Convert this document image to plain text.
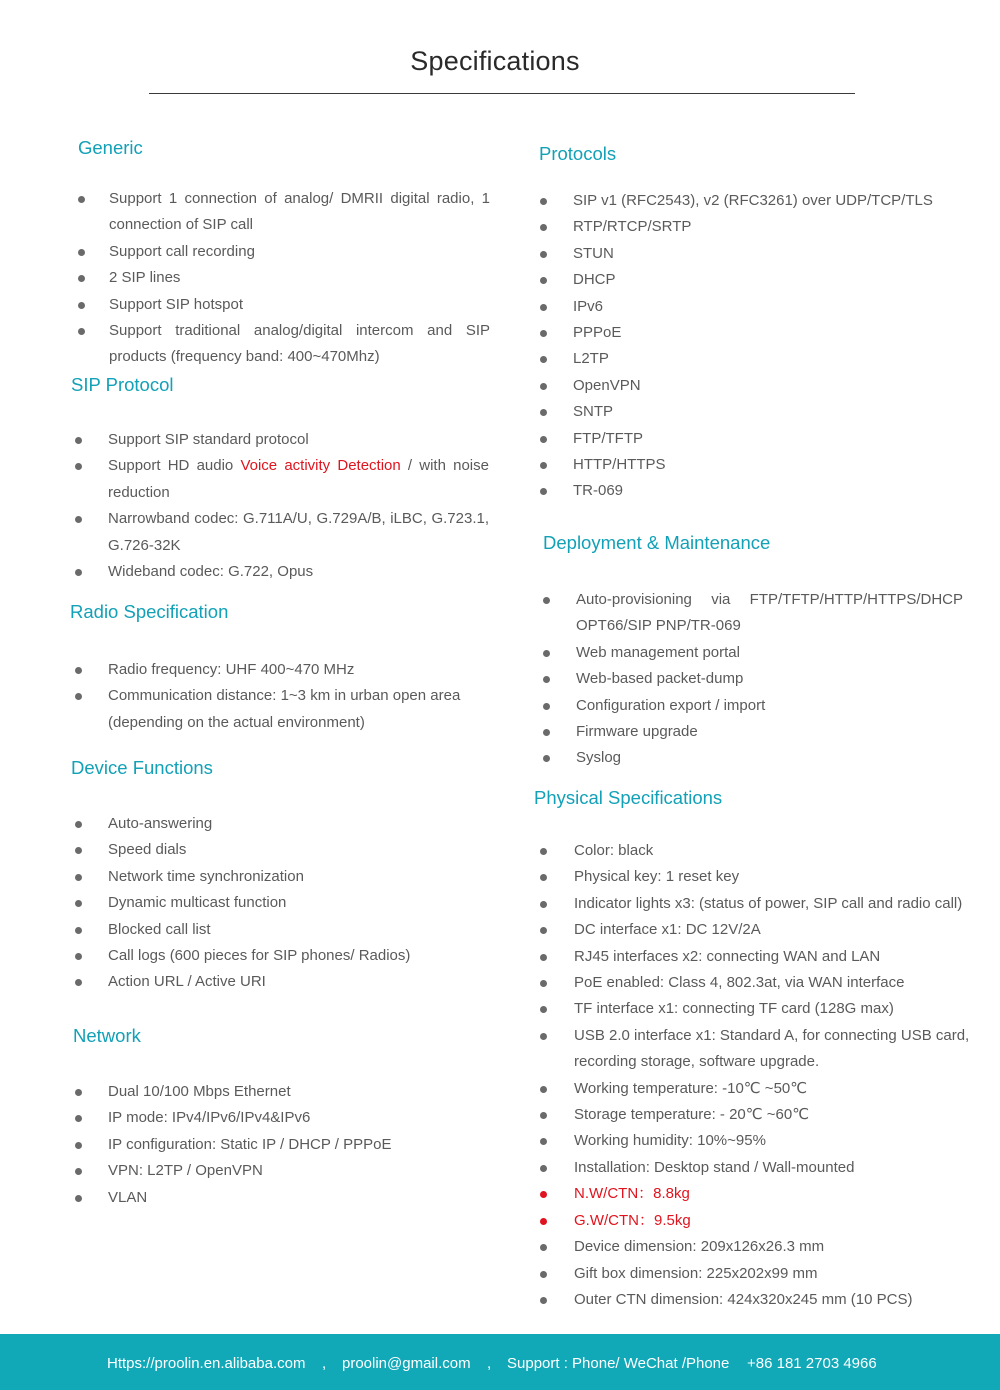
Specifications
Generic
Support 1 connection of analog/ DMRII digital radio, 1 connection of SIP call
Support call recording
2 SIP lines
Support SIP hotspot
Support traditional analog/digital intercom and SIP products (frequency band: 400~470Mhz)
SIP Protocol
Support SIP standard protocol
Support HD audio Voice activity Detection / with noise reduction
Narrowband codec: G.711A/U, G.729A/B, iLBC, G.723.1, G.726-32K
Wideband codec: G.722, Opus
Radio Specification
Radio frequency: UHF 400~470 MHz
Communication distance: 1~3 km in urban open area (depending on the actual environment)
Device Functions
Auto-answering
Speed dials
Network time synchronization
Dynamic multicast function
Blocked call list
Call logs (600 pieces for SIP phones/ Radios)
Action URL / Active URI
Network
Dual 10/100 Mbps Ethernet
IP mode: IPv4/IPv6/IPv4&IPv6
IP configuration: Static IP / DHCP / PPPoE
VPN: L2TP / OpenVPN
VLAN
Protocols
SIP v1 (RFC2543), v2 (RFC3261) over UDP/TCP/TLS
RTP/RTCP/SRTP
STUN
DHCP
IPv6
PPPoE
L2TP
OpenVPN
SNTP
FTP/TFTP
HTTP/HTTPS
TR-069
Deployment & Maintenance
Auto-provisioning via FTP/TFTP/HTTP/HTTPS/DHCP OPT66/SIP PNP/TR-069
Web management portal
Web-based packet-dump
Configuration export / import
Firmware upgrade
Syslog
Physical Specifications
Color: black
Physical key: 1 reset key
Indicator lights x3: (status of power, SIP call and radio call)
DC interface x1: DC 12V/2A
RJ45 interfaces x2: connecting WAN and LAN
PoE enabled: Class 4, 802.3at, via WAN interface
TF interface x1: connecting TF card (128G max)
USB 2.0 interface x1: Standard A, for connecting USB card, recording storage, software upgrade.
Working temperature: -10℃ ~50℃
Storage temperature: - 20℃ ~60℃
Working humidity: 10%~95%
Installation: Desktop stand / Wall-mounted
N.W/CTN：8.8kg
G.W/CTN：9.5kg
Device dimension: 209x126x26.3 mm
Gift box dimension: 225x202x99 mm
Outer CTN dimension: 424x320x245 mm (10 PCS)
Https://proolin.en.alibaba.com , proolin@gmail.com , Support : Phone/ WeChat /Phone +86 181 2703 4966
